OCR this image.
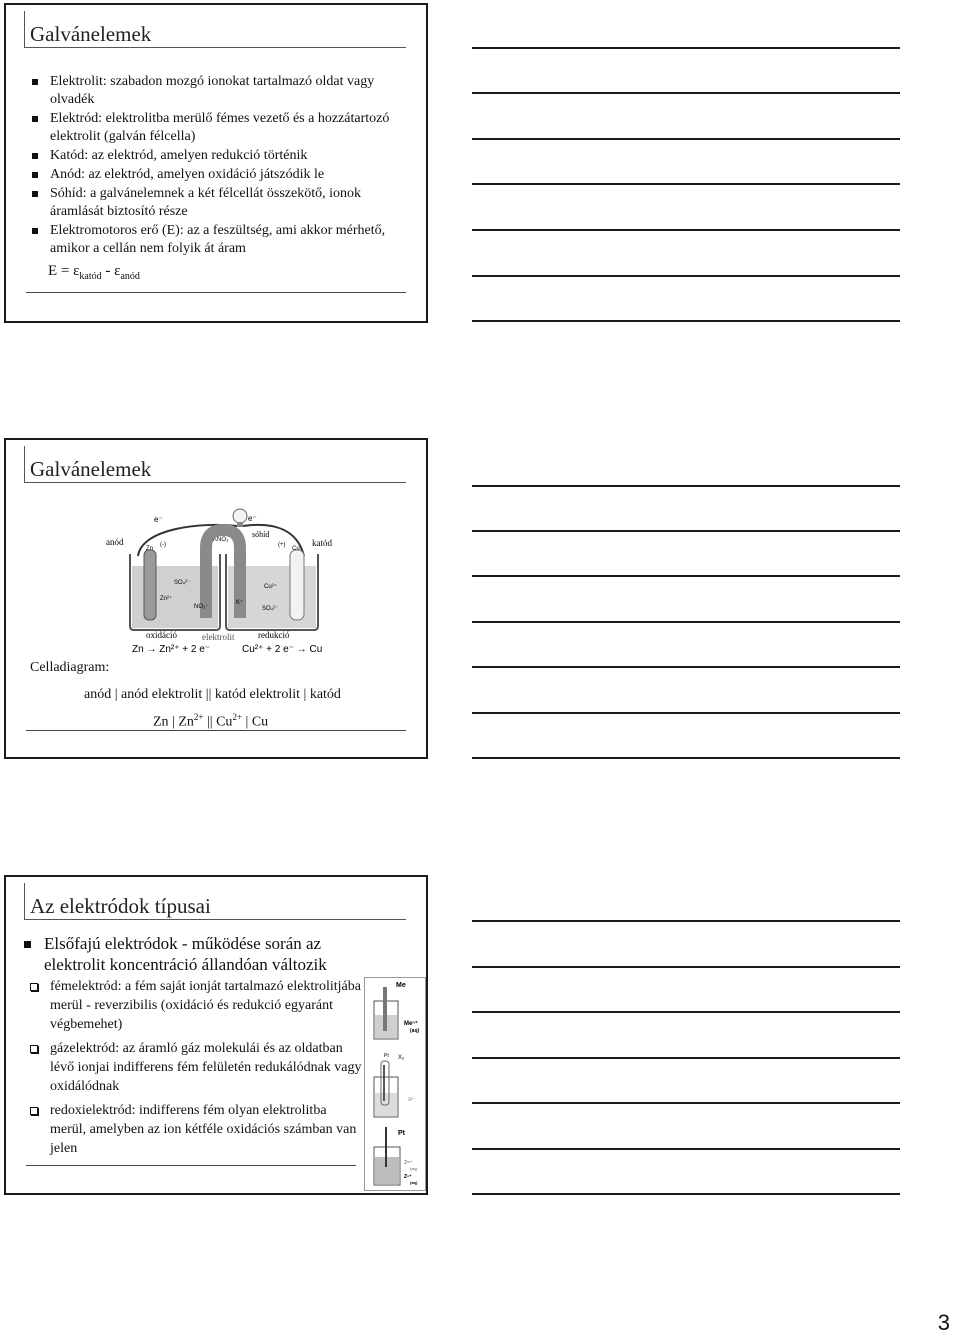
Galvánelemek
Elektrolit: szabadon mozgó ionokat tartalmazó oldat vagy olvadék
Elektród: elektrolitba merülő fémes vezető és a hozzátartozó elektrolit (galván félcella)
Katód: az elektród, amelyen redukció történik
Anód: az elektród, amelyen oxidáció játszódik le
Sóhíd: a galvánelemnek a két félcellát összekötő, ionok áramlását biztosító része
Elektromotoros erő (E): az a feszültség, ami akkor mérhető, amikor a cellán nem folyik át áram
$E = \varepsilon_{katód} - \varepsilon_{anód}$
Galvánelemek
e⁻	e⁻
anód	katód
KNO₃
sóhíd
Zn	Cu
(-)	(+)
SO₄²⁻
Zn²⁺
NO₃⁻
Cu²⁺
K⁺
SO₄²⁻
oxidáció	elektrolit	redukció
Zn → Zn²⁺ + 2 e⁻	Cu²⁺ + 2 e⁻ → Cu
Celladiagram:
anód | anód elektrolit || katód elektrolit | katód
Zn | $Zn^{2+}$ || $Cu^{2+}$ | Cu
Az elektródok típusai
Elsőfajú elektródok - működése során az elektrolit koncentráció állandóan változik
fémelektród: a fém saját ionját tartalmazó elektrolitjába merül - reverzibilis (oxidáció és redukció egyaránt végbemehet)
gázelektród: az áramló gáz molekulái és az oldatban lévő ionjai indifferens fém felületén redukálódnak vagy oxidálódnak
redoxielektród: indifferens fém olyan elektrolitba merül, amelyben az ion kétféle oxidációs számban van jelen
Me
Meⁿ⁺
(aq)
Pt X₂
X²⁻
Pt
Zᵐ⁺
(aq)
Zⁿ⁺
(aq)
3
